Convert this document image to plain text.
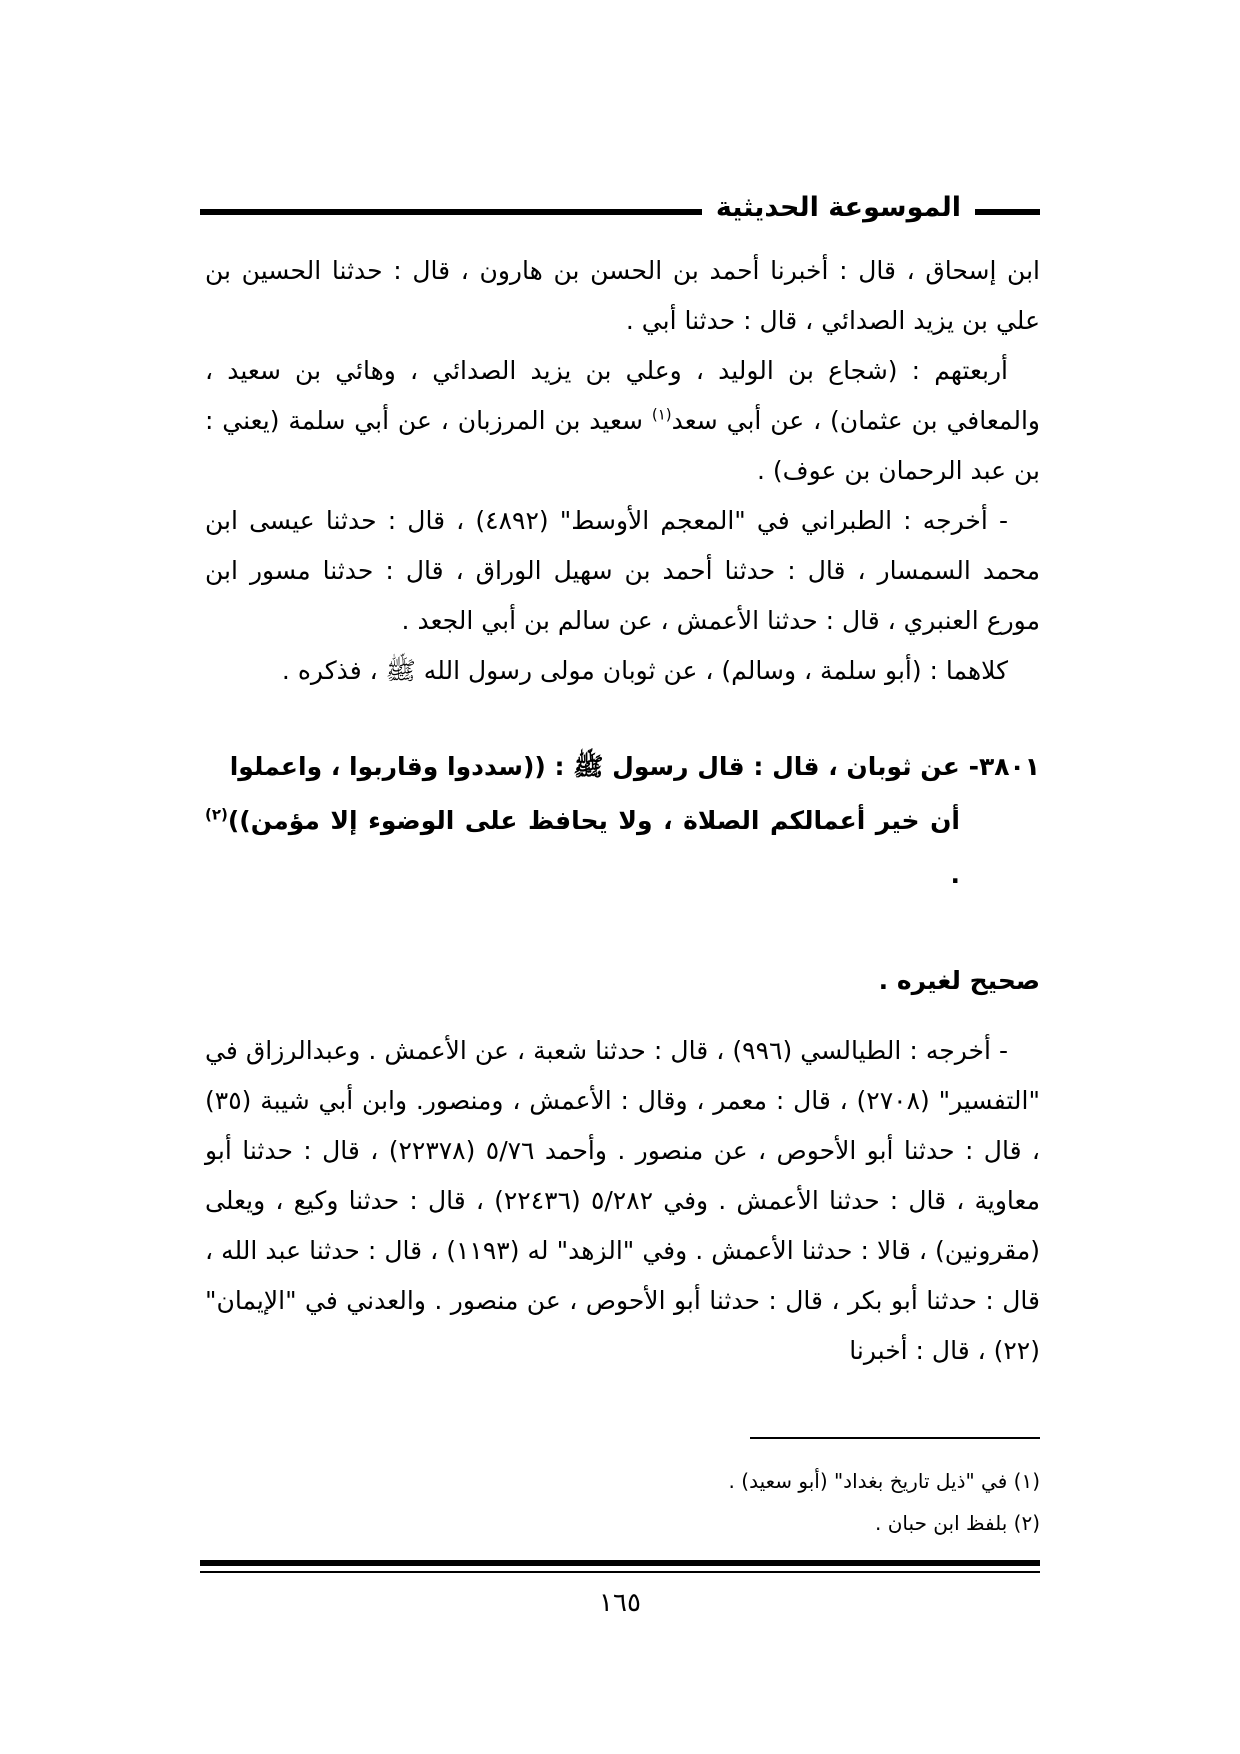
الموسوعة الحديثية

ابن إسحاق ، قال : أخبرنا أحمد بن الحسن بن هارون ، قال : حدثنا الحسين بن علي بن يزيد الصدائي ، قال : حدثنا أبي .

أربعتهم : (شجاع بن الوليد ، وعلي بن يزيد الصدائي ، وهائي بن سعيد ، والمعافي بن عثمان) ، عن أبي سعد$^{(١)}$ سعيد بن المرزبان ، عن أبي سلمة (يعني : بن عبد الرحمان بن عوف) .

- أخرجه : الطبراني في "المعجم الأوسط" (٤٨٩٢) ، قال : حدثنا عيسى ابن محمد السمسار ، قال : حدثنا أحمد بن سهيل الوراق ، قال : حدثنا مسور ابن مورع العنبري ، قال : حدثنا الأعمش ، عن سالم بن أبي الجعد .

كلاهما : (أبو سلمة ، وسالم) ، عن ثوبان مولى رسول الله ﷺ ، فذكره .

٣٨٠١- عن ثوبان ، قال : قال رسول ﷺ : ((سددوا وقاربوا ، واعملوا
أن خير أعمالكم الصلاة ، ولا يحافظ على الوضوء إلا مؤمن))$^{(٢)}$ .
صحيح لغيره .

- أخرجه : الطيالسي (٩٩٦) ، قال : حدثنا شعبة ، عن الأعمش . وعبدالرزاق في "التفسير" (٢٧٠٨) ، قال : معمر ، وقال : الأعمش ، ومنصور. وابن أبي شيبة (٣٥) ، قال : حدثنا أبو الأحوص ، عن منصور . وأحمد ٥/٧٦ (٢٢٣٧٨) ، قال : حدثنا أبو معاوية ، قال : حدثنا الأعمش . وفي ٥/٢٨٢ (٢٢٤٣٦) ، قال : حدثنا وكيع ، ويعلى (مقرونين) ، قالا : حدثنا الأعمش . وفي "الزهد" له (١١٩٣) ، قال : حدثنا عبد الله ، قال : حدثنا أبو بكر ، قال : حدثنا أبو الأحوص ، عن منصور . والعدني في "الإيمان" (٢٢) ، قال : أخبرنا

(١) في "ذيل تاريخ بغداد" (أبو سعيد) .
(٢) بلفظ ابن حبان .
١٦٥
